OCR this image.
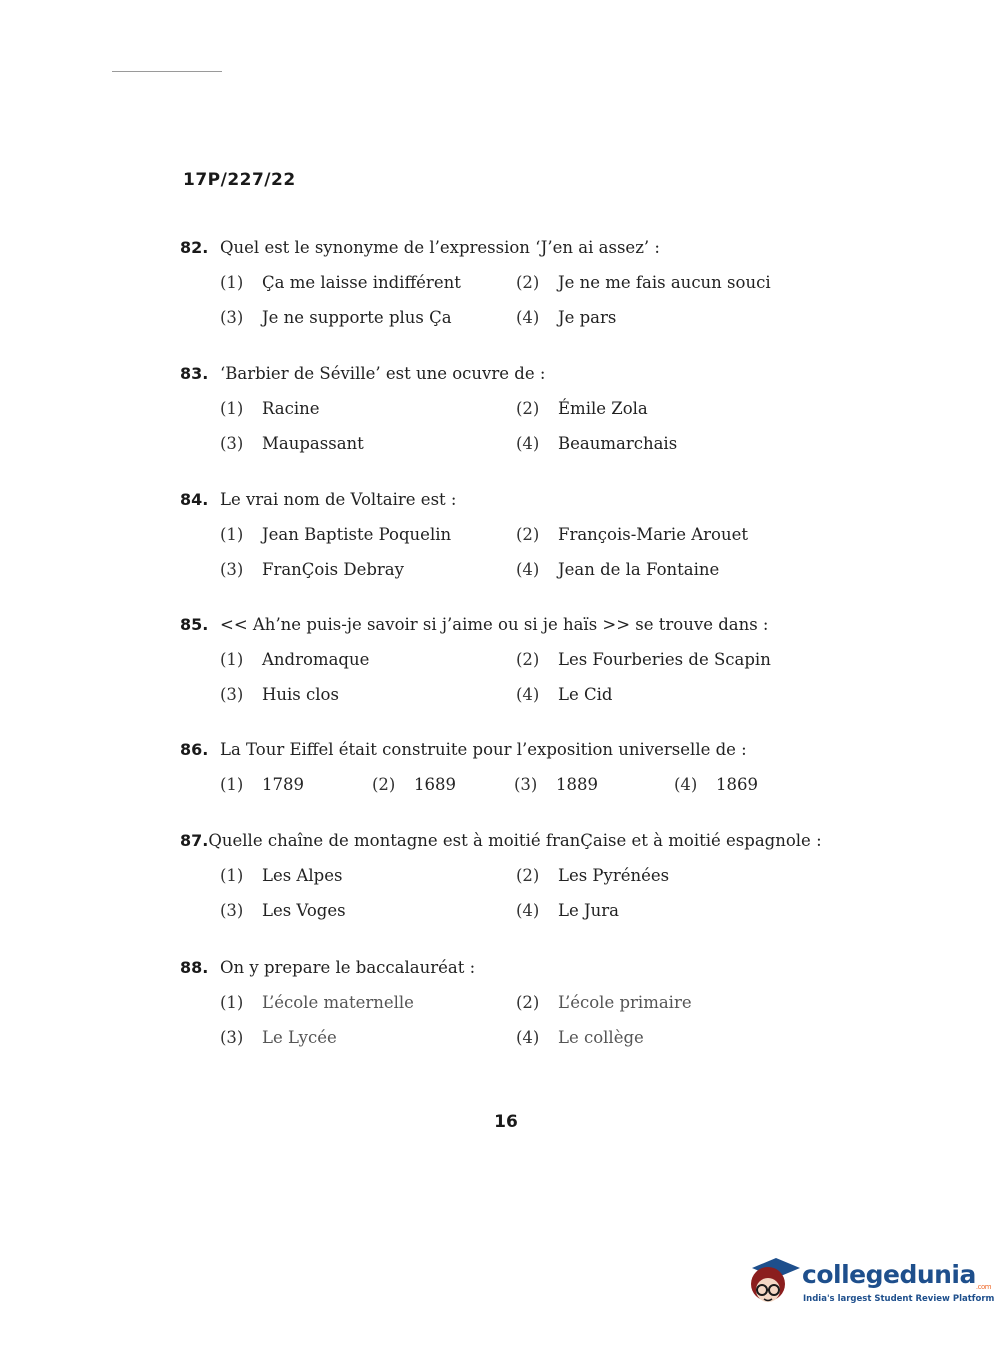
17P/227/22
82. Quel est le synonyme de l’expression ‘J’en ai assez’ :
(1)	Ça me laisse indifférent	(2)	Je ne me fais aucun souci
(3)	Je ne supporte plus Ça	(4)	Je pars
83. ‘Barbier de Séville’ est une ocuvre de :
(1)	Racine	(2)	Émile Zola
(3)	Maupassant	(4)	Beaumarchais
84. Le vrai nom de Voltaire est :
(1)	Jean Baptiste Poquelin	(2)	François-Marie Arouet
(3)	FranÇois Debray	(4)	Jean de la Fontaine
85. << Ah’ne puis-je savoir si j’aime ou si je haïs >> se trouve dans :
(1)	Andromaque	(2)	Les Fourberies de Scapin
(3)	Huis clos	(4)	Le Cid
86. La Tour Eiffel était construite pour l’exposition universelle de :
(1)	1789	(2)	1689	(3)	1889	(4)	1869
87. Quelle chaîne de montagne est à moitié franÇaise et à moitié espagnole :
(1)	Les Alpes	(2)	Les Pyrénées
(3)	Les Voges	(4)	Le Jura
88. On y prepare le baccalauréat :
(1)	L’école maternelle	(2)	L’école primaire
(3)	Le Lycée	(4)	Le collège
16
collegedunia$_{.com}$
India's largest Student Review Platform
